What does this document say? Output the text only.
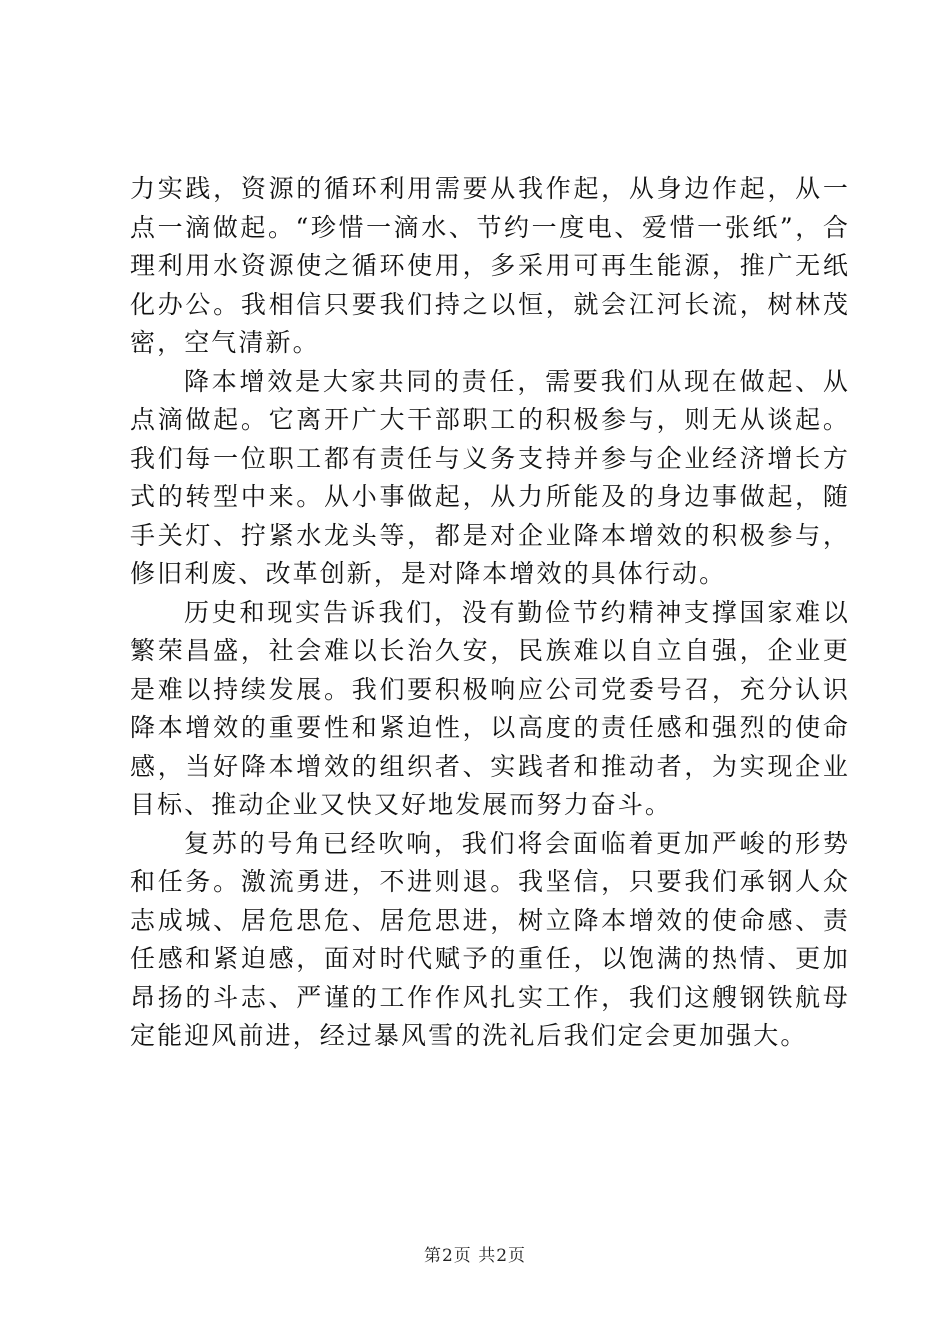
力实践，资源的循环利用需要从我作起，从身边作起，从一点一滴做起。“珍惜一滴水、节约一度电、爱惜一张纸”，合理利用水资源使之循环使用，多采用可再生能源，推广无纸化办公。我相信只要我们持之以恒，就会江河长流，树林茂密，空气清新。

降本增效是大家共同的责任，需要我们从现在做起、从点滴做起。它离开广大干部职工的积极参与，则无从谈起。我们每一位职工都有责任与义务支持并参与企业经济增长方式的转型中来。从小事做起，从力所能及的身边事做起，随手关灯、拧紧水龙头等，都是对企业降本增效的积极参与，修旧利废、改革创新，是对降本增效的具体行动。

历史和现实告诉我们，没有勤俭节约精神支撑国家难以繁荣昌盛，社会难以长治久安，民族难以自立自强，企业更是难以持续发展。我们要积极响应公司党委号召，充分认识降本增效的重要性和紧迫性，以高度的责任感和强烈的使命感，当好降本增效的组织者、实践者和推动者，为实现企业目标、推动企业又快又好地发展而努力奋斗。

复苏的号角已经吹响，我们将会面临着更加严峻的形势和任务。激流勇进，不进则退。我坚信，只要我们承钢人众志成城、居危思危、居危思进，树立降本增效的使命感、责任感和紧迫感，面对时代赋予的重任，以饱满的热情、更加昂扬的斗志、严谨的工作作风扎实工作，我们这艘钢铁航母定能迎风前进，经过暴风雪的洗礼后我们定会更加强大。

第2页 共2页
